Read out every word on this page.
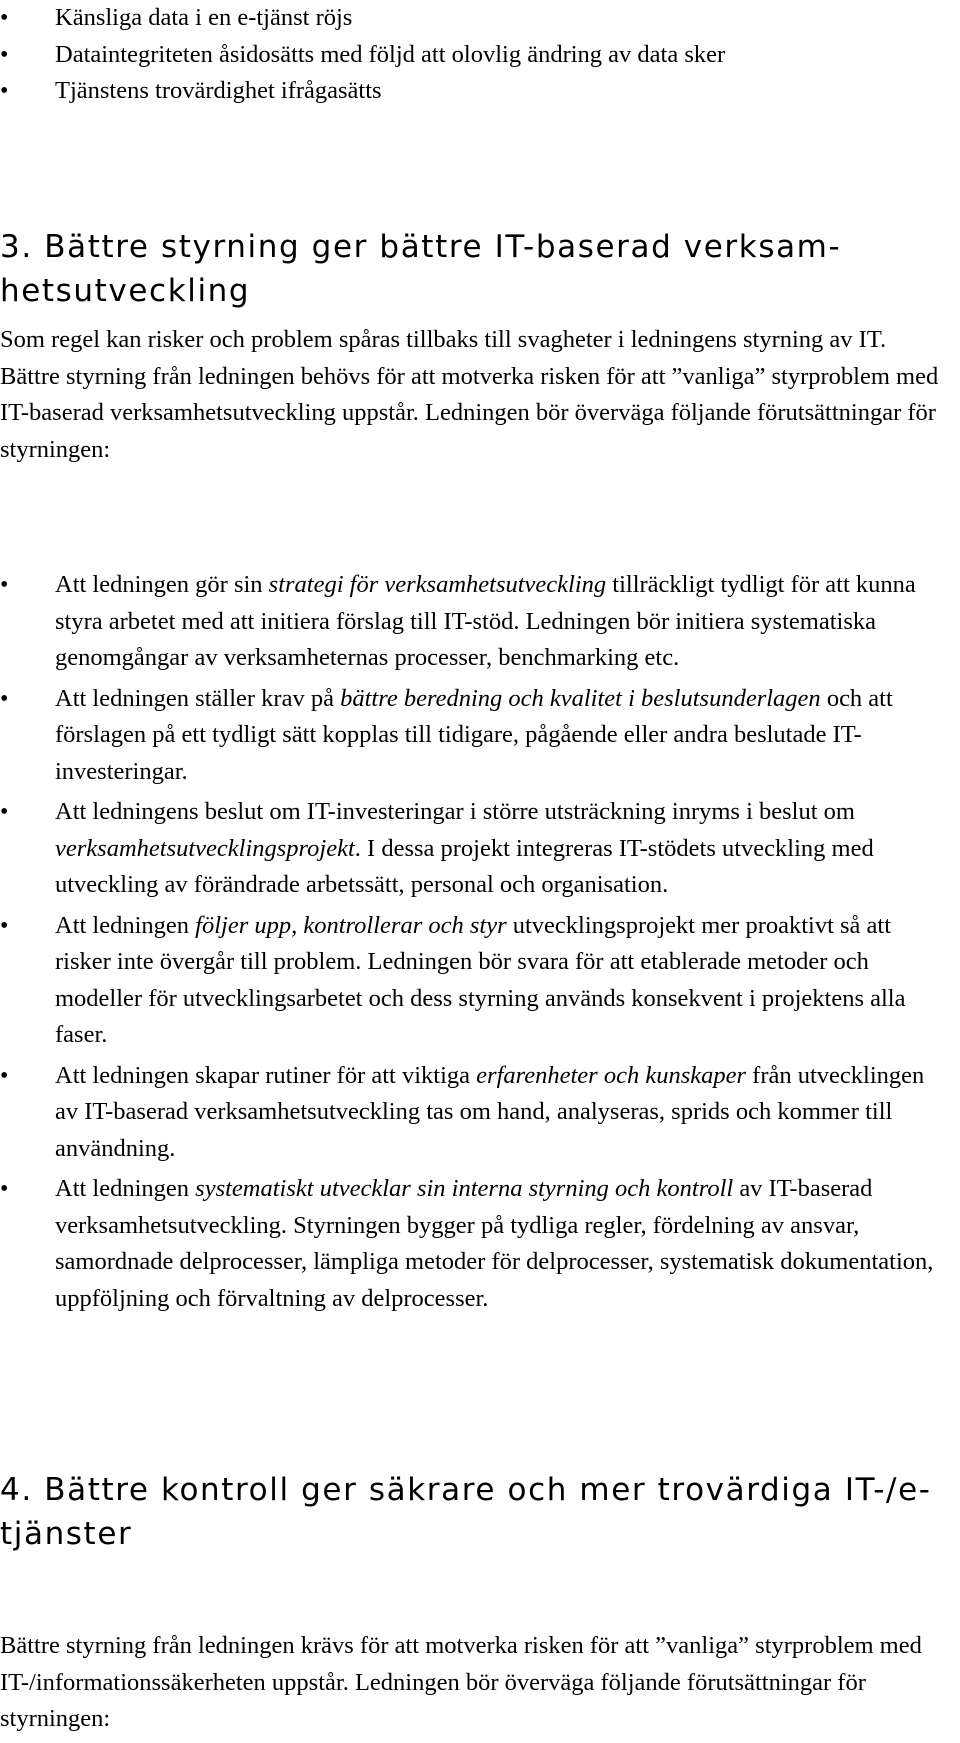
•	Känsliga data i en e-tjänst röjs
•	Dataintegriteten åsidosätts med följd att olovlig ändring av data sker
•	Tjänstens trovärdighet ifrågasätts
3. Bättre styrning ger bättre IT-baserad verksam-hetsutveckling

Som regel kan risker och problem spåras tillbaks till svagheter i ledningens styrning av IT. Bättre styrning från ledningen behövs för att motverka risken för att ”vanliga” styrproblem med IT-baserad verksamhetsutveckling uppstår. Ledningen bör överväga följande förutsättningar för styrningen:

•	Att ledningen gör sin strategi för verksamhetsutveckling tillräckligt tydligt för att kunna styra arbetet med att initiera förslag till IT-stöd. Ledningen bör initiera systematiska genomgångar av verksamheternas processer, benchmarking etc.
•	Att ledningen ställer krav på bättre beredning och kvalitet i beslutsunderlagen och att förslagen på ett tydligt sätt kopplas till tidigare, pågående eller andra beslutade IT-investeringar.
•	Att ledningens beslut om IT-investeringar i större utsträckning inryms i beslut om verksamhetsutvecklingsprojekt. I dessa projekt integreras IT-stödets utveckling med utveckling av förändrade arbetssätt, personal och organisation.
•	Att ledningen följer upp, kontrollerar och styr utvecklingsprojekt mer proaktivt så att risker inte övergår till problem. Ledningen bör svara för att etablerade metoder och modeller för utvecklingsarbetet och dess styrning används konsekvent i projektens alla faser.
•	Att ledningen skapar rutiner för att viktiga erfarenheter och kunskaper från utvecklingen av IT-baserad verksamhetsutveckling tas om hand, analyseras, sprids och kommer till användning.
•	Att ledningen systematiskt utvecklar sin interna styrning och kontroll av IT-baserad verksamhetsutveckling. Styrningen bygger på tydliga regler, fördelning av ansvar, samordnade delprocesser, lämpliga metoder för delprocesser, systematisk dokumentation, uppföljning och förvaltning av delprocesser.
4. Bättre kontroll ger säkrare och mer trovärdiga IT-/e-tjänster

Bättre styrning från ledningen krävs för att motverka risken för att ”vanliga” styrproblem med IT-/informationssäkerheten uppstår. Ledningen bör överväga följande förutsättningar för styrningen:
